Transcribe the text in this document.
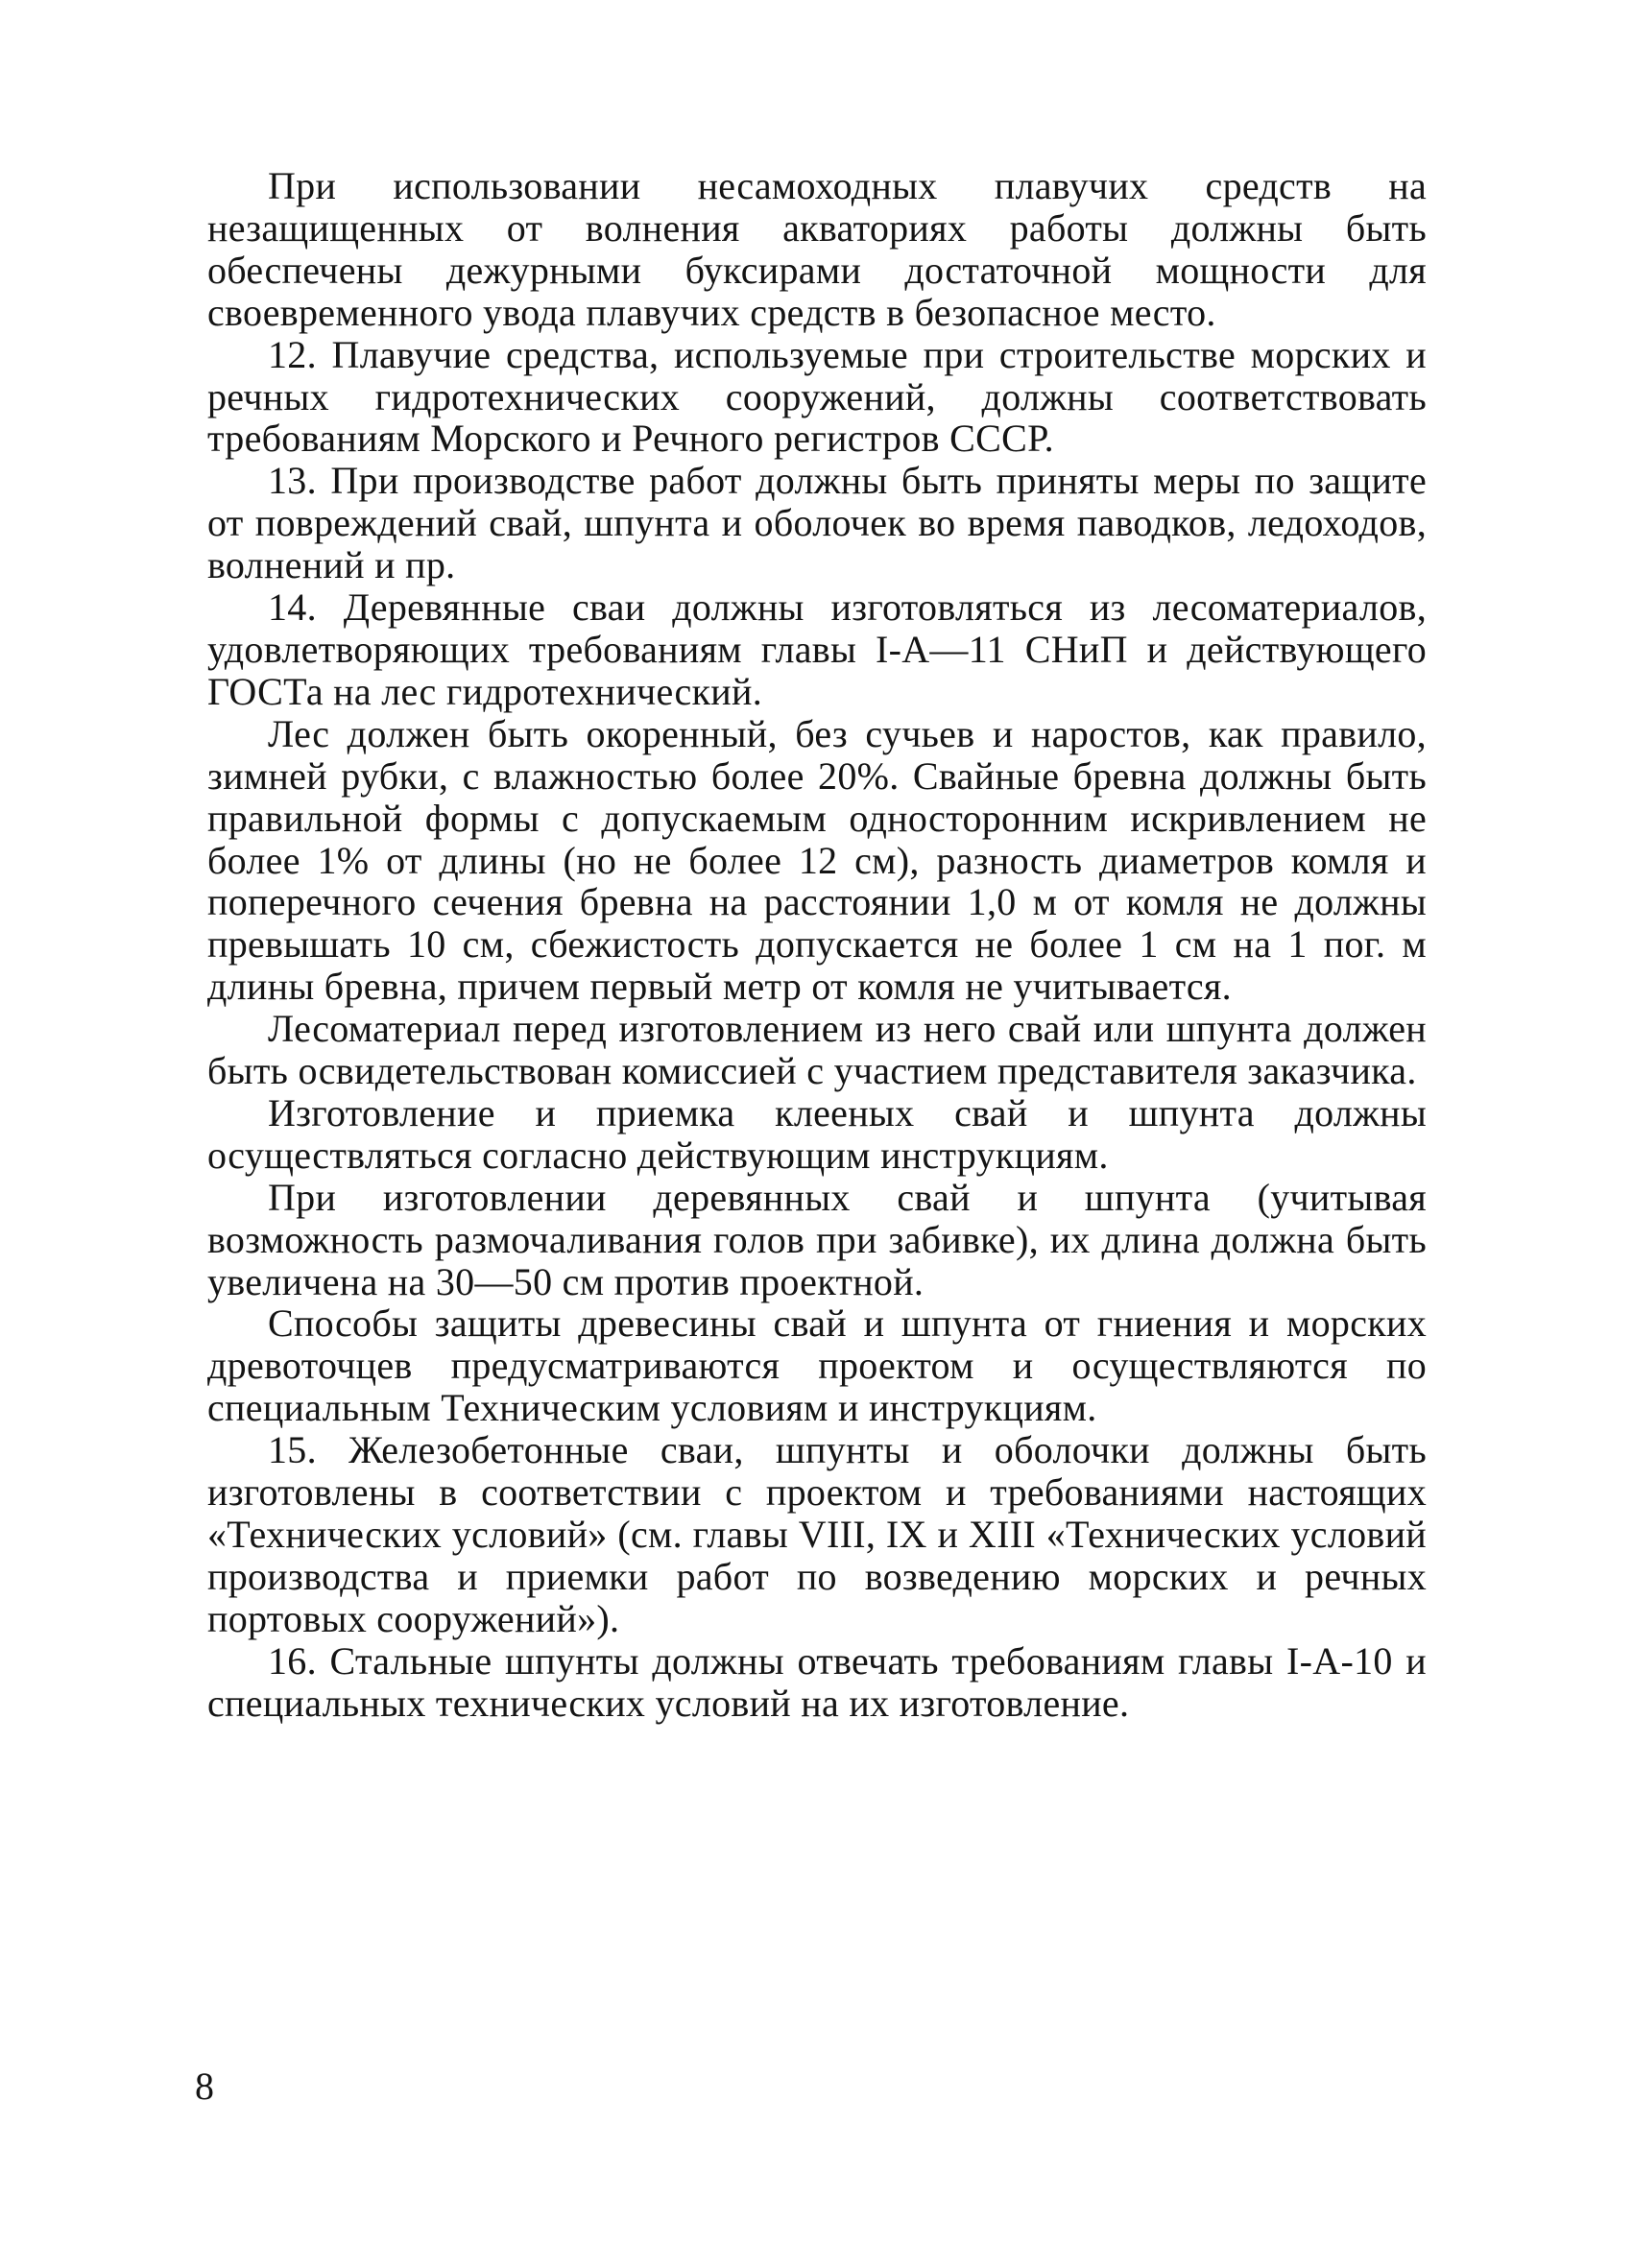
При использовании несамоходных плавучих средств на незащищенных от волнения акваториях работы должны быть обеспечены дежурными буксирами достаточной мощности для своевременного увода плавучих средств в безопасное место.

12. Плавучие средства, используемые при строительстве морских и речных гидротехнических сооружений, должны соответствовать требованиям Морского и Речного регистров СССР.

13. При производстве работ должны быть приняты меры по защите от повреждений свай, шпунта и оболочек во время паводков, ледоходов, волнений и пр.

14. Деревянные сваи должны изготовляться из лесоматериалов, удовлетворяющих требованиям главы I-А—11 СНиП и действующего ГОСТа на лес гидротехнический.

Лес должен быть окоренный, без сучьев и наростов, как правило, зимней рубки, с влажностью более 20%. Свайные бревна должны быть правильной формы с допускаемым односторонним искривлением не более 1% от длины (но не более 12 см), разность диаметров комля и поперечного сечения бревна на расстоянии 1,0 м от комля не должны превышать 10 см, сбежистость допускается не более 1 см на 1 пог. м длины бревна, причем первый метр от комля не учитывается.

Лесоматериал перед изготовлением из него свай или шпунта должен быть освидетельствован комиссией с участием представителя заказчика.

Изготовление и приемка клееных свай и шпунта должны осуществляться согласно действующим инструкциям.

При изготовлении деревянных свай и шпунта (учитывая возможность размочаливания голов при забивке), их длина должна быть увеличена на 30—50 см против проектной.

Способы защиты древесины свай и шпунта от гниения и морских древоточцев предусматриваются проектом и осуществляются по специальным Техническим условиям и инструкциям.

15. Железобетонные сваи, шпунты и оболочки должны быть изготовлены в соответствии с проектом и требованиями настоящих «Технических условий» (см. главы VIII, IX и XIII «Технических условий производства и приемки работ по возведению морских и речных портовых сооружений»).

16. Стальные шпунты должны отвечать требованиям главы I-А-10 и специальных технических условий на их изготовление.

8
